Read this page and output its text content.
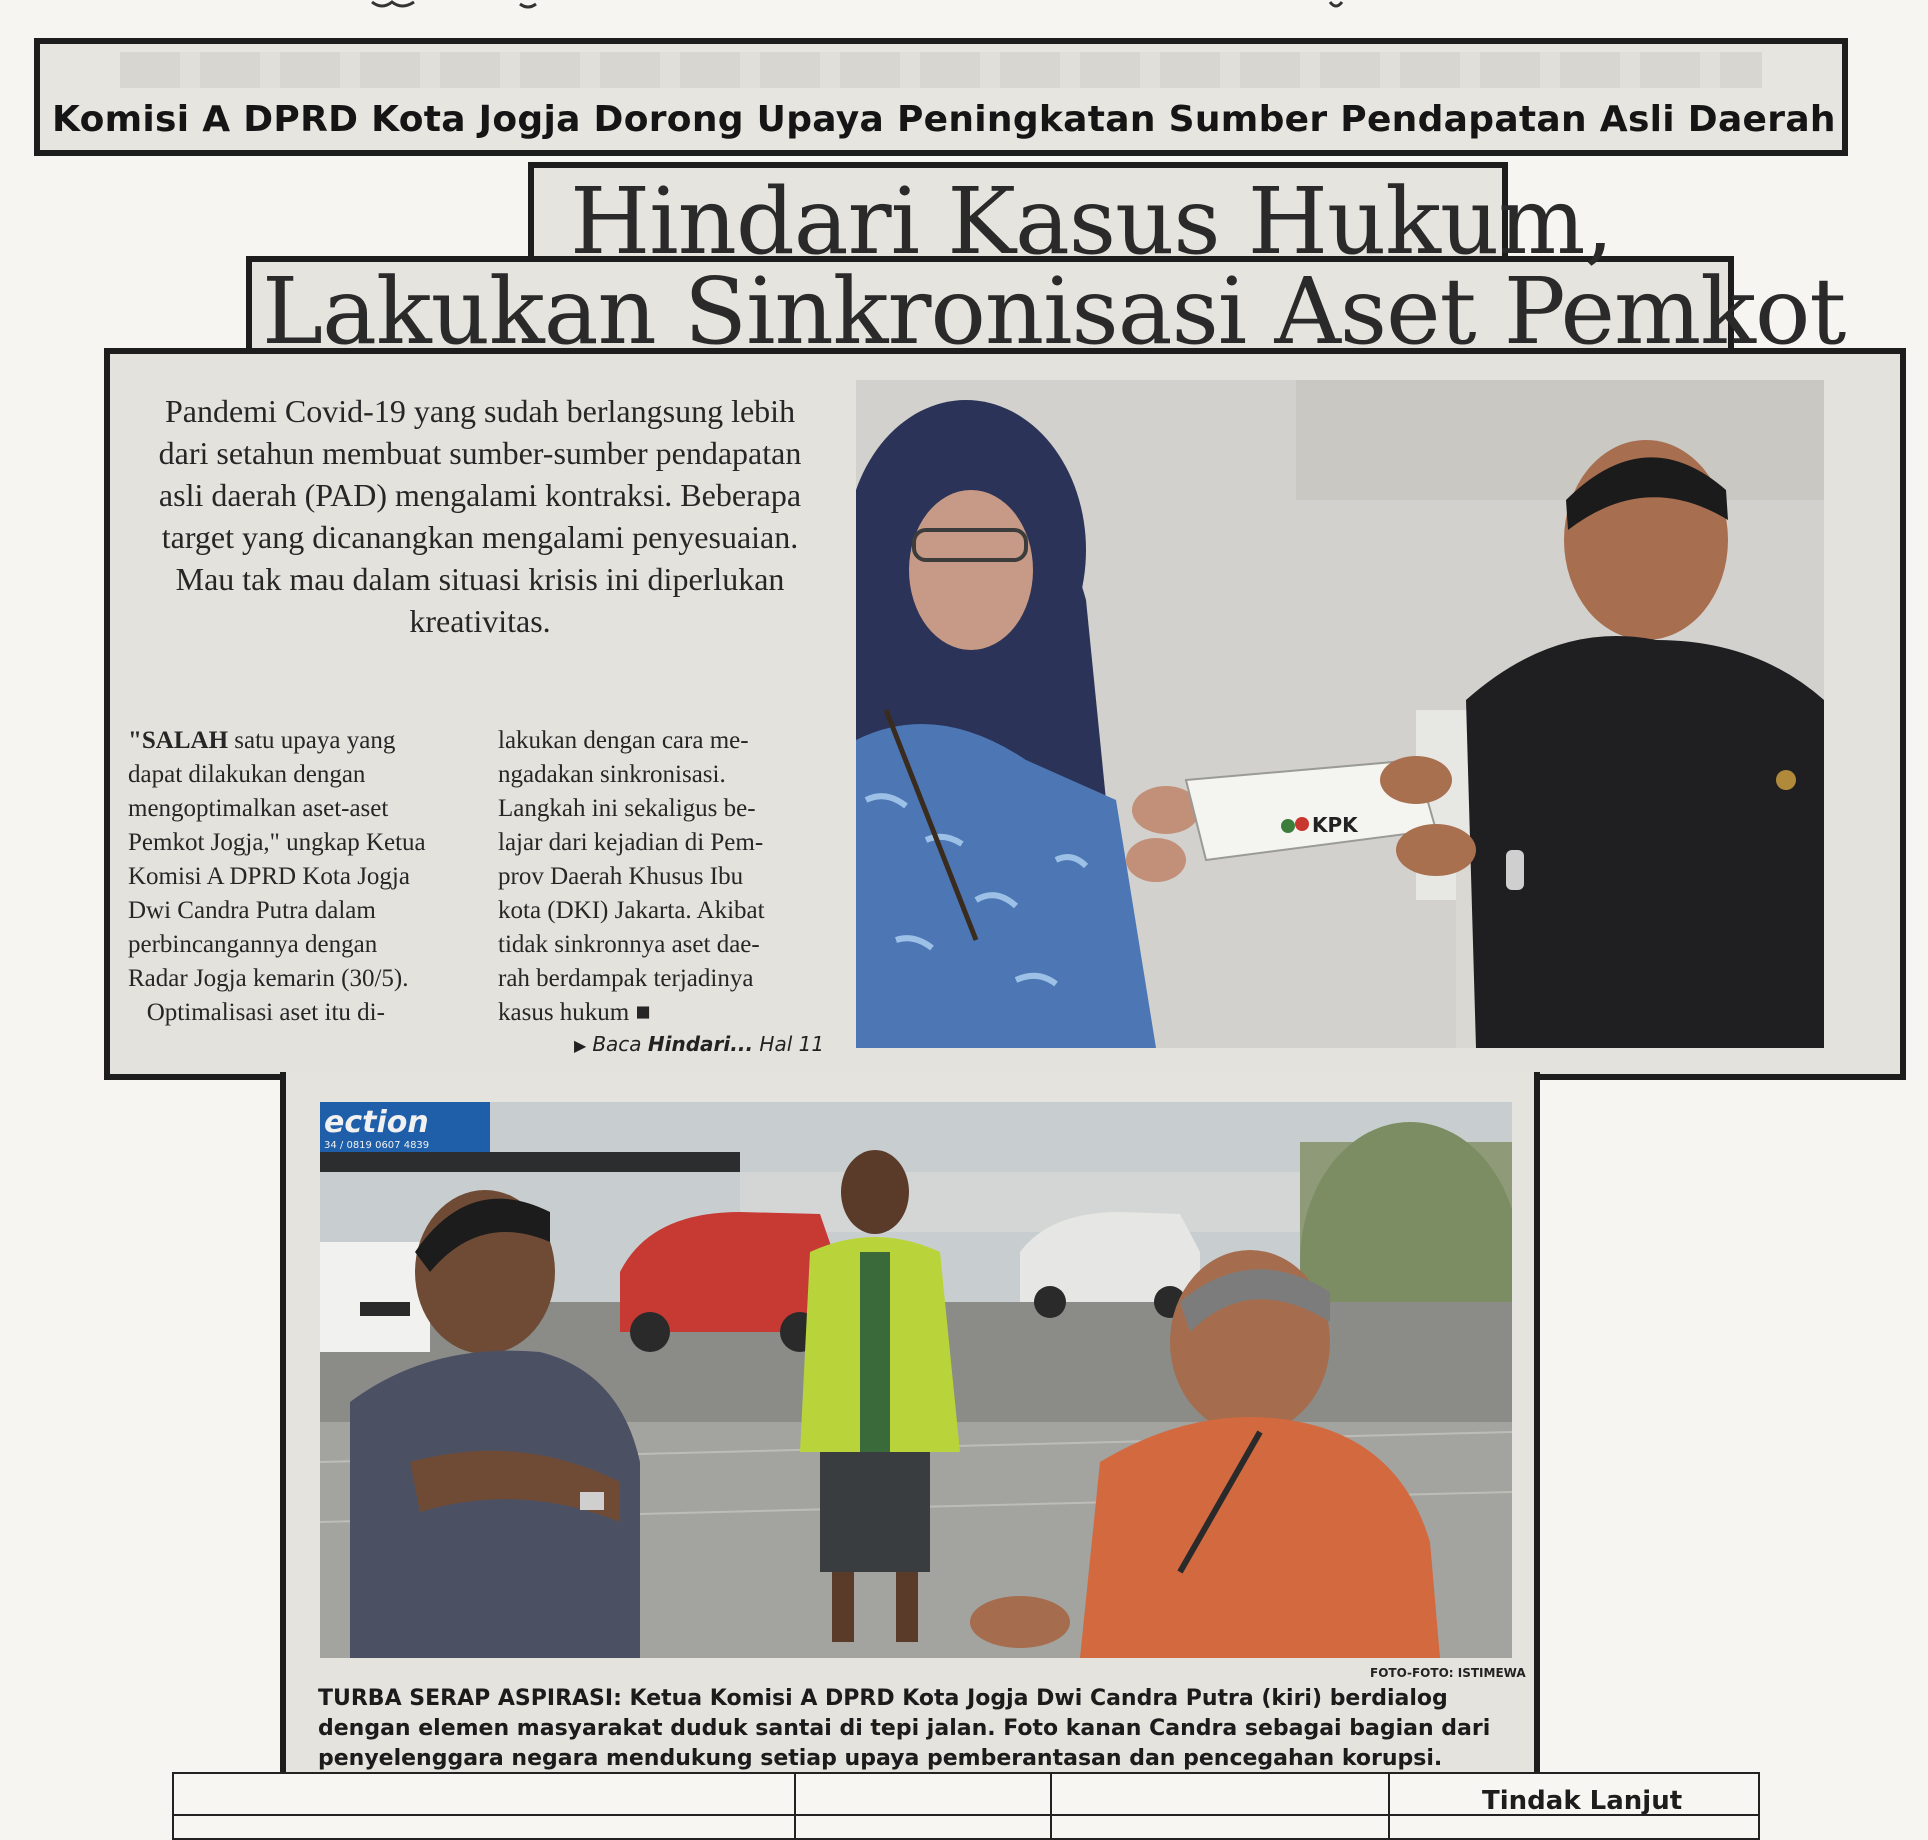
Komisi A DPRD Kota Jogja Dorong Upaya Peningkatan Sumber Pendapatan Asli Daerah
Hindari Kasus Hukum,
Lakukan Sinkronisasi Aset Pemkot
Pandemi Covid-19 yang sudah berlangsung lebih dari setahun membuat sumber-sumber pendapatan asli daerah (PAD) mengalami kontraksi. Beberapa target yang dicanangkan mengalami penyesuaian. Mau tak mau dalam situasi krisis ini diperlukan kreativitas.
"SALAH satu upaya yang
dapat dilakukan dengan
mengoptimalkan aset-aset
Pemkot Jogja," ungkap Ketua
Komisi A DPRD Kota Jogja
Dwi Candra Putra dalam
perbincangannya dengan
Radar Jogja kemarin (30/5).
Optimalisasi aset itu di-
lakukan dengan cara me-
ngadakan sinkronisasi.
Langkah ini sekaligus be-
lajar dari kejadian di Pem-
prov Daerah Khusus Ibu
kota (DKI) Jakarta. Akibat
tidak sinkronnya aset dae-
rah berdampak terjadinya
kasus hukum ■
▶ Baca Hindari... Hal 11
KPK
ection
34 / 0819 0607 4839
FOTO-FOTO: ISTIMEWA
TURBA SERAP ASPIRASI: Ketua Komisi A DPRD Kota Jogja Dwi Candra Putra (kiri) berdialog dengan elemen masyarakat duduk santai di tepi jalan. Foto kanan Candra sebagai bagian dari penyelenggara negara mendukung setiap upaya pemberantasan dan pencegahan korupsi.
Tindak Lanjut
